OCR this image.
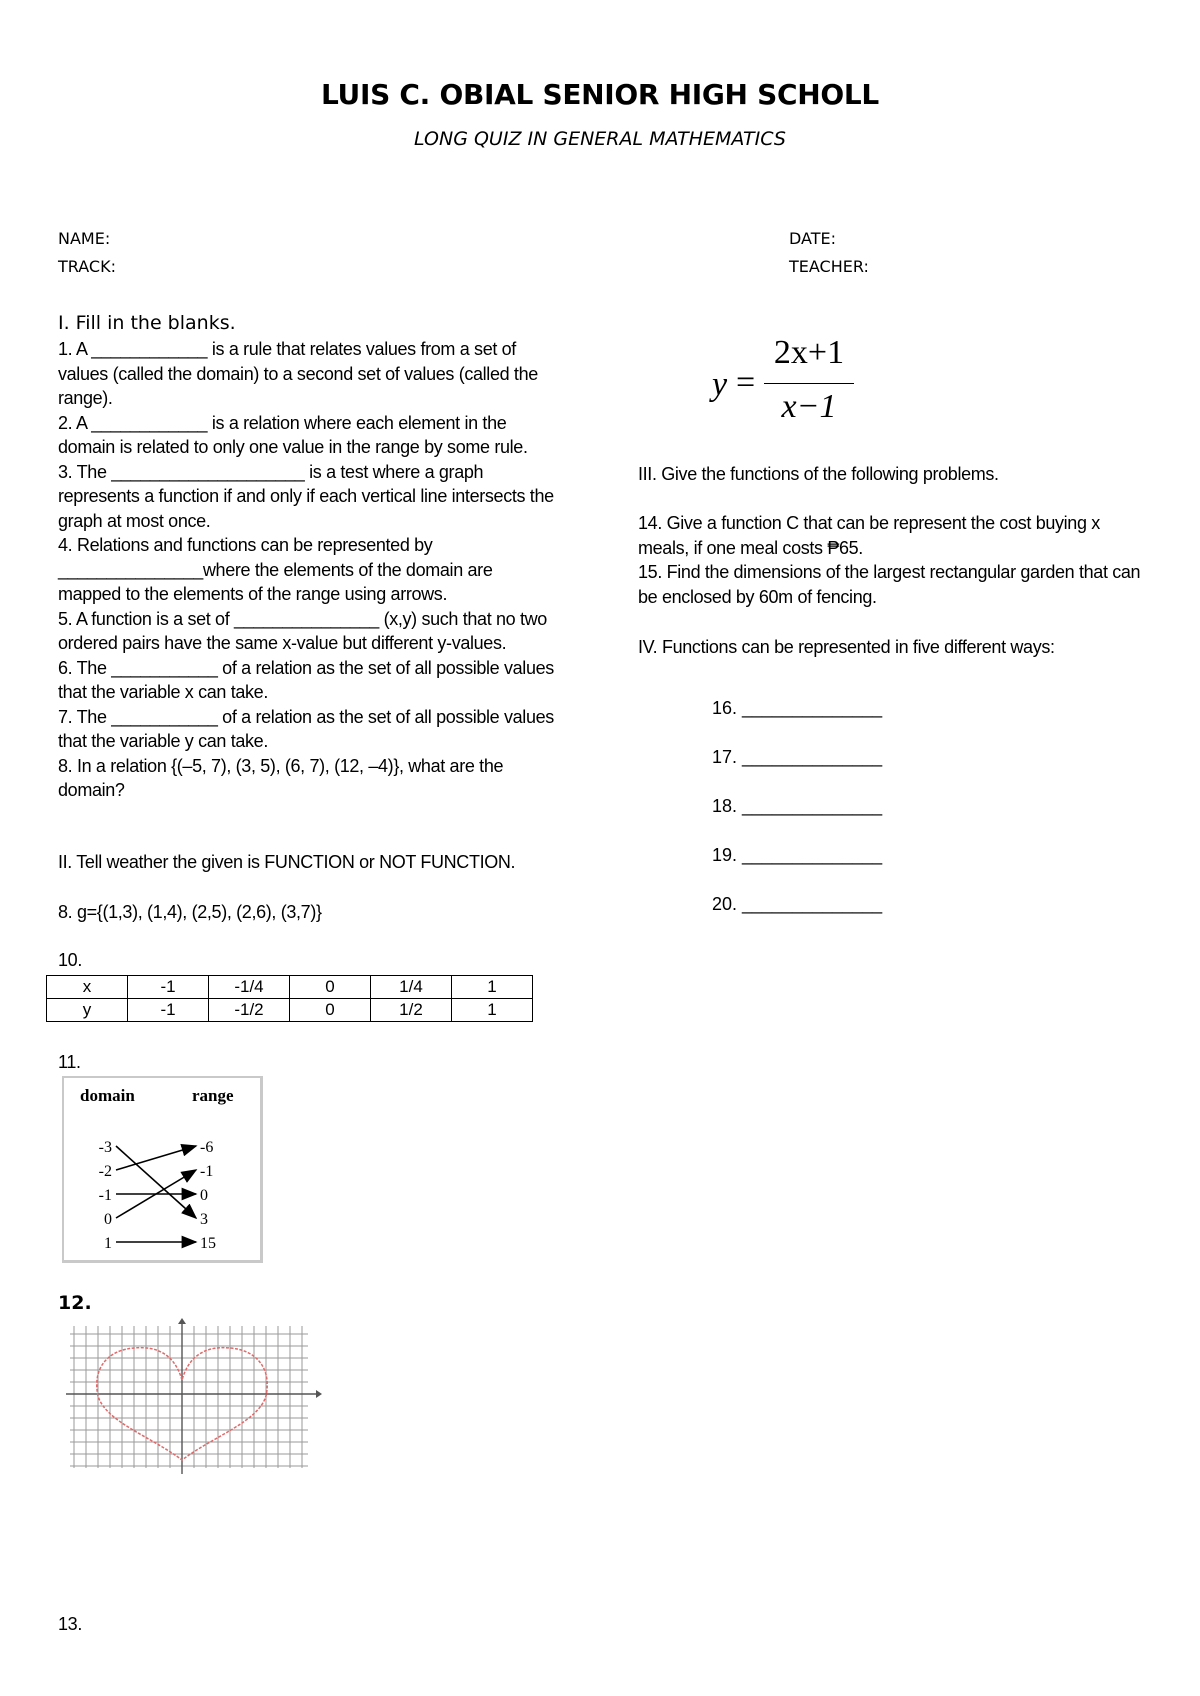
LUIS C. OBIAL SENIOR HIGH SCHOLL
LONG QUIZ IN GENERAL MATHEMATICS
NAME:
TRACK:
DATE:
TEACHER:
I. Fill in the blanks.

1. A ____________ is a rule that relates values from a set of

values (called the domain) to a second set of values (called the

range).

2. A ____________ is a relation where each element in the

domain is related to only one value in the range by some rule.

3. The ____________________ is a test where a graph

represents a function if and only if each vertical line intersects the

graph at most once.

4. Relations and functions can be represented by

_______________where the elements of the domain are

mapped to the elements of the range using arrows.

5. A function is a set of _______________ (x,y) such that no two

ordered pairs have the same x-value but different y-values.

6. The ___________ of a relation as the set of all possible values

that the variable x can take.

7. The ___________ of a relation as the set of all possible values

that the variable y can take.

8. In a relation {(–5, 7), (3, 5), (6, 7), (12, –4)}, what are the

domain?

II. Tell weather the given is FUNCTION or NOT FUNCTION.
8. g={(1,3), (1,4), (2,5), (2,6), (3,7)}
10.
x	-1	-1/4	0	1/4	1
y	-1	-1/2	0	1/2	1
11.
domain	range
-3
-2
-1
0
1
-6
-1
0
3
15
12.
13.
y =
2x+1
x−1
III. Give the functions of the following problems.

14. Give a function C that can be represent the cost buying x

meals, if one meal costs ₱65.

15. Find the dimensions of the largest rectangular garden that can

be enclosed by 60m of fencing.

IV. Functions can be represented in five different ways:
16. ______________
17. ______________
18. ______________
19. ______________
20. ______________
